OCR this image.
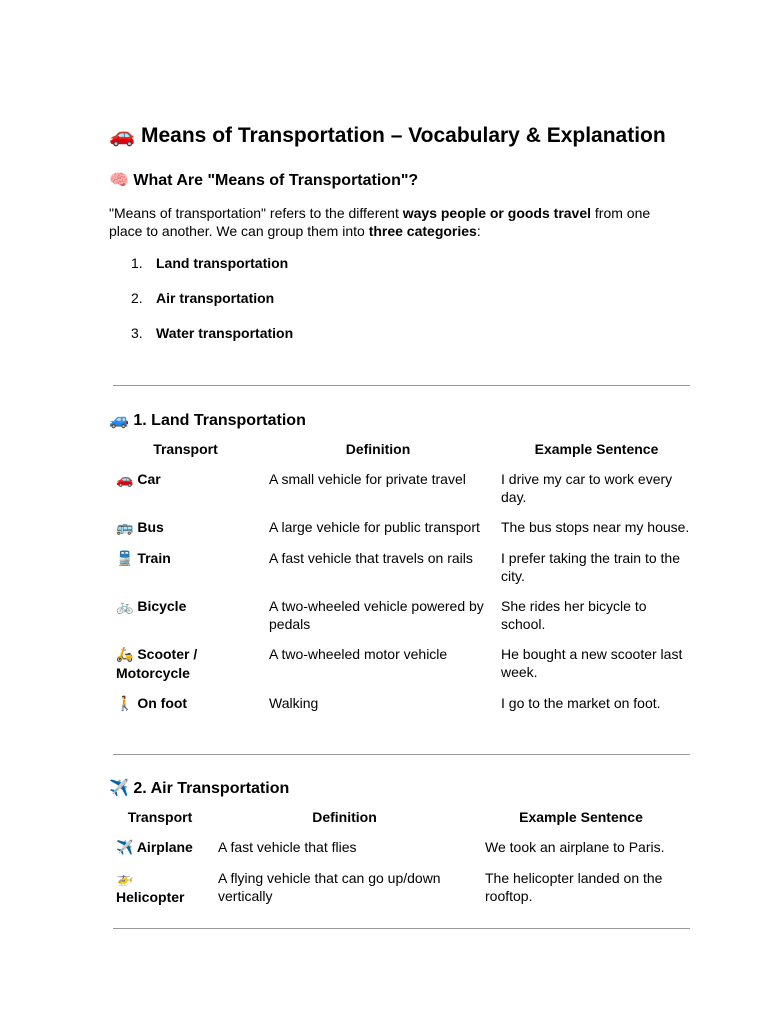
🚗 Means of Transportation – Vocabulary & Explanation
🧠 What Are "Means of Transportation"?

"Means of transportation" refers to the different ways people or goods travel from one place to another. We can group them into three categories:

1. Land transportation
2. Air transportation
3. Water transportation
🚙 1. Land Transportation
Transport	Definition	Example Sentence
🚗 Car	A small vehicle for private travel	I drive my car to work every day.
🚌 Bus	A large vehicle for public transport	The bus stops near my house.
🚆 Train	A fast vehicle that travels on rails	I prefer taking the train to the city.
🚲 Bicycle	A two-wheeled vehicle powered by pedals	She rides her bicycle to school.
🛵 Scooter / Motorcycle	A two-wheeled motor vehicle	He bought a new scooter last week.
🚶 On foot	Walking	I go to the market on foot.
✈️ 2. Air Transportation
Transport	Definition	Example Sentence
✈️ Airplane	A fast vehicle that flies	We took an airplane to Paris.
🚁 Helicopter	A flying vehicle that can go up/down vertically	The helicopter landed on the rooftop.
